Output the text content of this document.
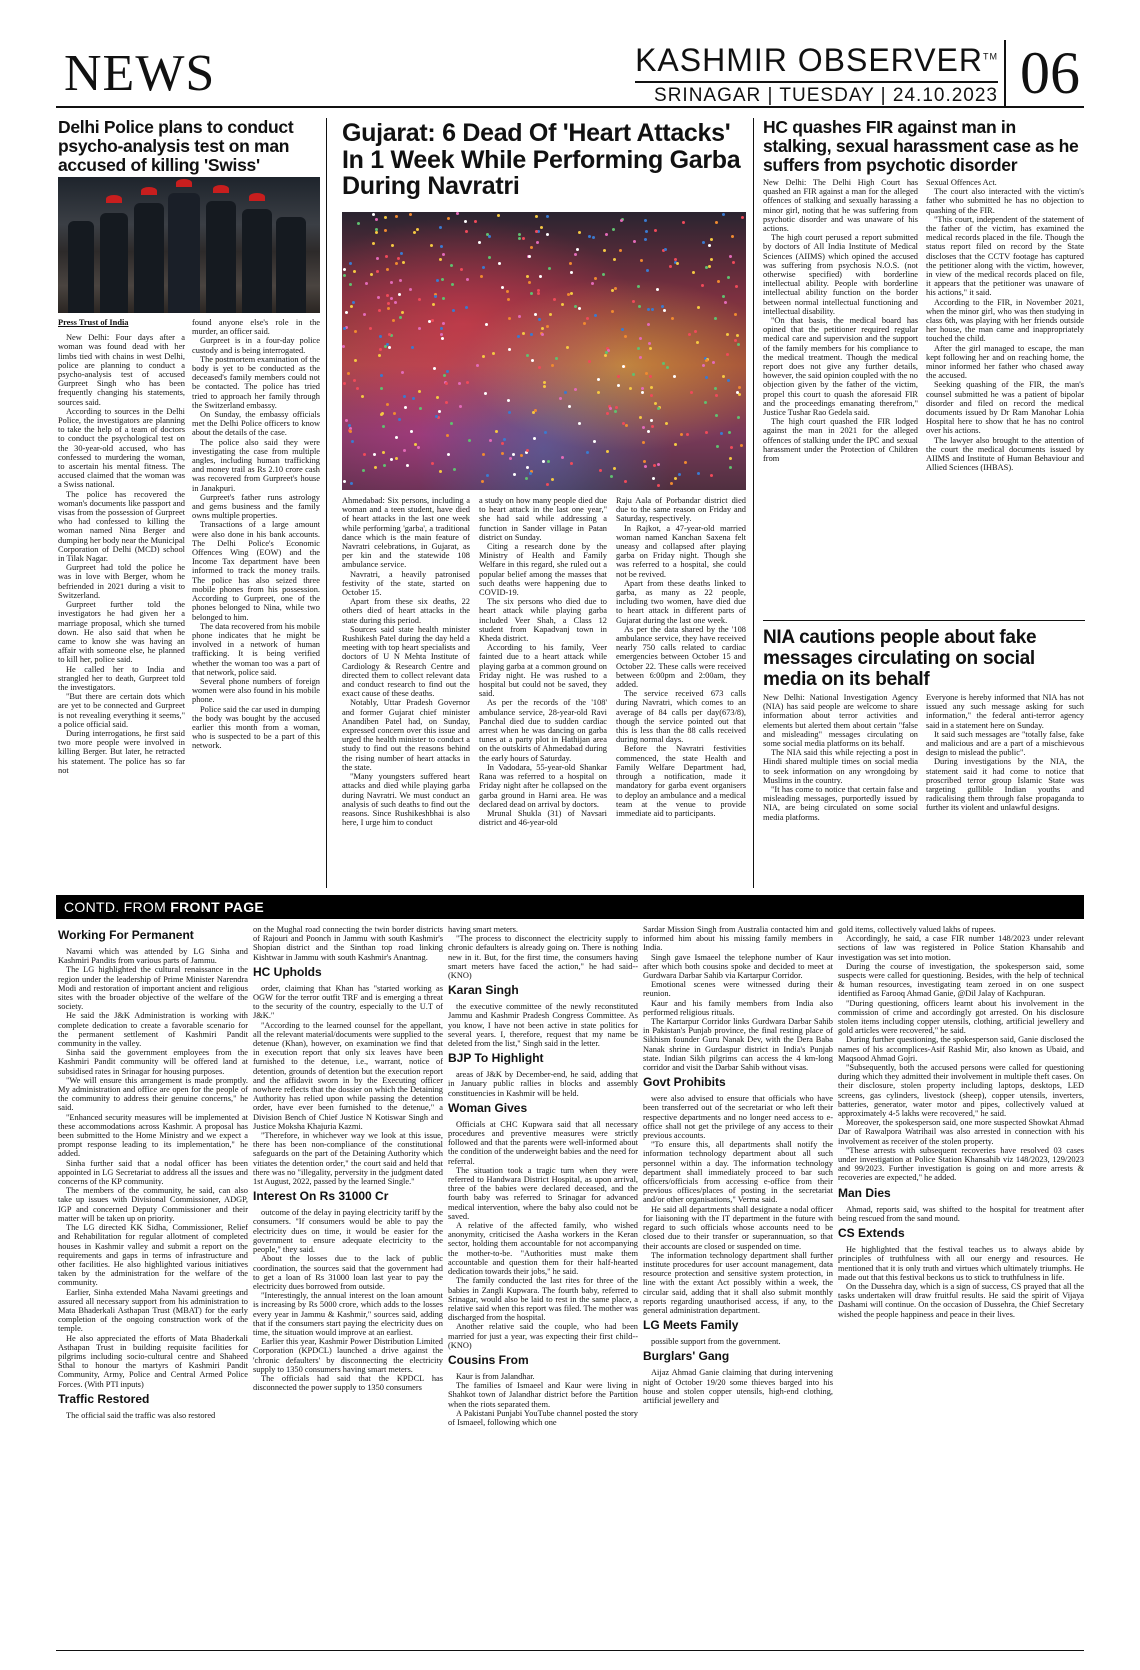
NEWS	KASHMIR OBSERVER™
SRINAGAR | TUESDAY | 24.10.2023 06
Delhi Police plans to conduct psycho-analysis test on man accused of killing 'Swiss'

Press Trust of India

New Delhi: Four days after a woman was found dead with her limbs tied with chains in west Delhi, police are planning to conduct a psycho-analysis test of accused Gurpreet Singh who has been frequently changing his statements, sources said.

According to sources in the Delhi Police, the investigators are planning to take the help of a team of doctors to conduct the psychological test on the 30-year-old accused, who has confessed to murdering the woman, to ascertain his mental fitness. The accused claimed that the woman was a Swiss national.

The police has recovered the woman's documents like passport and visas from the possession of Gurpreet who had confessed to killing the woman named Nina Berger and dumping her body near the Municipal Corporation of Delhi (MCD) school in Tilak Nagar.

Gurpreet had told the police he was in love with Berger, whom he befriended in 2021 during a visit to Switzerland.

Gurpreet further told the investigators he had given her a marriage proposal, which she turned down. He also said that when he came to know she was having an affair with someone else, he planned to kill her, police said.

He called her to India and strangled her to death, Gurpreet told the investigators.

"But there are certain dots which are yet to be connected and Gurpreet is not revealing everything it seems," a police official said.

During interrogations, he first said two more people were involved in killing Berger. But later, he retracted his statement. The police has so far not

found anyone else's role in the murder, an officer said.

Gurpreet is in a four-day police custody and is being interrogated.

The postmortem examination of the body is yet to be conducted as the deceased's family members could not be contacted. The police has tried tried to approach her family through the Switzerland embassy.

On Sunday, the embassy officials met the Delhi Police officers to know about the details of the case.

The police also said they were investigating the case from multiple angles, including human trafficking and money trail as Rs 2.10 crore cash was recovered from Gurpreet's house in Janakpuri.

Gurpreet's father runs astrology and gems business and the family owns multiple properties.

Transactions of a large amount were also done in his bank accounts. The Delhi Police's Economic Offences Wing (EOW) and the Income Tax department have been informed to track the money trails. The police has also seized three mobile phones from his possession. According to Gurpreet, one of the phones belonged to Nina, while two belonged to him.

The data recovered from his mobile phone indicates that he might be involved in a network of human trafficking. It is being verified whether the woman too was a part of that network, police said.

Several phone numbers of foreign women were also found in his mobile phone.

Police said the car used in dumping the body was bought by the accused earlier this month from a woman, who is suspected to be a part of this network.

Gujarat: 6 Dead Of 'Heart Attacks' In 1 Week While Performing Garba During Navratri

Ahmedabad: Six persons, including a woman and a teen student, have died of heart attacks in the last one week while performing 'garba', a traditional dance which is the main feature of Navratri celebrations, in Gujarat, as per kin and the statewide 108 ambulance service.

Navratri, a heavily patronised festivity of the state, started on October 15.

Apart from these six deaths, 22 others died of heart attacks in the state during this period.

Sources said state health minister Rushikesh Patel during the day held a meeting with top heart specialists and doctors of U N Mehta Institute of Cardiology & Research Centre and directed them to collect relevant data and conduct research to find out the exact cause of these deaths.

Notably, Uttar Pradesh Governor and former Gujarat chief minister Anandiben Patel had, on Sunday, expressed concern over this issue and urged the health minister to conduct a study to find out the reasons behind the rising number of heart attacks in the state.

"Many youngsters suffered heart attacks and died while playing garba during Navratri. We must conduct an analysis of such deaths to find out the reasons. Since Rushikeshbhai is also here, I urge him to conduct

a study on how many people died due to heart attack in the last one year," she had said while addressing a function in Sander village in Patan district on Sunday.

Citing a research done by the Ministry of Health and Family Welfare in this regard, she ruled out a popular belief among the masses that such deaths were happening due to COVID-19.

The six persons who died due to heart attack while playing garba included Veer Shah, a Class 12 student from Kapadvanj town in Kheda district.

According to his family, Veer fainted due to a heart attack while playing garba at a common ground on Friday night. He was rushed to a hospital but could not be saved, they said.

As per the records of the '108' ambulance service, 28-year-old Ravi Panchal died due to sudden cardiac arrest when he was dancing on garba tunes at a party plot in Hathijan area on the outskirts of Ahmedabad during the early hours of Saturday.

In Vadodara, 55-year-old Shankar Rana was referred to a hospital on Friday night after he collapsed on the garba ground in Harni area. He was declared dead on arrival by doctors.

Mrunal Shukla (31) of Navsari district and 46-year-old

Raju Aala of Porbandar district died due to the same reason on Friday and Saturday, respectively.

In Rajkot, a 47-year-old married woman named Kanchan Saxena felt uneasy and collapsed after playing garba on Friday night. Though she was referred to a hospital, she could not be revived.

Apart from these deaths linked to garba, as many as 22 people, including two women, have died due to heart attack in different parts of Gujarat during the last one week.

As per the data shared by the '108 ambulance service, they have received nearly 750 calls related to cardiac emergencies between October 15 and October 22. These calls were received between 6:00pm and 2:00am, they added.

The service received 673 calls during Navratri, which comes to an average of 84 calls per day(673/8), though the service pointed out that this is less than the 88 calls received during normal days.

Before the Navratri festivities commenced, the state Health and Family Welfare Department had, through a notification, made it mandatory for garba event organisers to deploy an ambulance and a medical team at the venue to provide immediate aid to participants.

HC quashes FIR against man in stalking, sexual harassment case as he suffers from psychotic disorder

New Delhi: The Delhi High Court has quashed an FIR against a man for the alleged offences of stalking and sexually harassing a minor girl, noting that he was suffering from psychotic disorder and was unaware of his actions.

The high court perused a report submitted by doctors of All India Institute of Medical Sciences (AIIMS) which opined the accused was suffering from psychosis N.O.S. (not otherwise specified) with borderline intellectual ability. People with borderline intellectual ability function on the border between normal intellectual functioning and intellectual disability.

"On that basis, the medical board has opined that the petitioner required regular medical care and supervision and the support of the family members for his compliance to the medical treatment. Though the medical report does not give any further details, however, the said opinion coupled with the no objection given by the father of the victim, propel this court to quash the aforesaid FIR and the proceedings emanating therefrom," Justice Tushar Rao Gedela said.

The high court quashed the FIR lodged against the man in 2021 for the alleged offences of stalking under the IPC and sexual harassment under the Protection of Children from

Sexual Offences Act.

The court also interacted with the victim's father who submitted he has no objection to quashing of the FIR.

"This court, independent of the statement of the father of the victim, has examined the medical records placed in the file. Though the status report filed on record by the State discloses that the CCTV footage has captured the petitioner along with the victim, however, in view of the medical records placed on file, it appears that the petitioner was unaware of his actions," it said.

According to the FIR, in November 2021, when the minor girl, who was then studying in class 6th, was playing with her friends outside her house, the man came and inappropriately touched the child.

After the girl managed to escape, the man kept following her and on reaching home, the minor informed her father who chased away the accused.

Seeking quashing of the FIR, the man's counsel submitted he was a patient of bipolar disorder and filed on record the medical documents issued by Dr Ram Manohar Lohia Hospital here to show that he has no control over his actions.

The lawyer also brought to the attention of the court the medical documents issued by AIIMS and Institute of Human Behaviour and Allied Sciences (IHBAS).

NIA cautions people about fake messages circulating on social media on its behalf

New Delhi: National Investigation Agency (NIA) has said people are welcome to share information about terror activities and elements but alerted them about certain "false and misleading" messages circulating on some social media platforms on its behalf.

The NIA said this while rejecting a post in Hindi shared multiple times on social media to seek information on any wrongdoing by Muslims in the country.

"It has come to notice that certain false and misleading messages, purportedly issued by NIA, are being circulated on some social media platforms.

Everyone is hereby informed that NIA has not issued any such message asking for such information," the federal anti-terror agency said in a statement here on Sunday.

It said such messages are "totally false, fake and malicious and are a part of a mischievous design to mislead the public".

During investigations by the NIA, the statement said it had come to notice that proscribed terror group Islamic State was targeting gullible Indian youths and radicalising them through false propaganda to further its violent and unlawful designs.

CONTD. FROM FRONT PAGE

Working For Permanent

Navami which was attended by LG Sinha and Kashmiri Pandits from various parts of Jammu.

The LG highlighted the cultural renaissance in the region under the leadership of Prime Minister Narendra Modi and restoration of important ancient and religious sites with the broader objective of the welfare of the society.

He said the J&K Administration is working with complete dedication to create a favorable scenario for the permanent settlement of Kashmiri Pandit community in the valley.

Sinha said the government employees from the Kashmiri Pandit community will be offered land at subsidised rates in Srinagar for housing purposes.

"We will ensure this arrangement is made promptly. My administration and office are open for the people of the community to address their genuine concerns," he said.

"Enhanced security measures will be implemented at these accommodations across Kashmir. A proposal has been submitted to the Home Ministry and we expect a prompt response leading to its implementation," he added.

Sinha further said that a nodal officer has been appointed in LG Secretariat to address all the issues and concerns of the KP community.

The members of the community, he said, can also take up issues with Divisional Commissioner, ADGP, IGP and concerned Deputy Commissioner and their matter will be taken up on priority.

The LG directed KK Sidha, Commissioner, Relief and Rehabilitation for regular allotment of completed houses in Kashmir valley and submit a report on the requirements and gaps in terms of infrastructure and other facilities. He also highlighted various initiatives taken by the administration for the welfare of the community.

Earlier, Sinha extended Maha Navami greetings and assured all necessary support from his administration to Mata Bhaderkali Asthapan Trust (MBAT) for the early completion of the ongoing construction work of the temple.

He also appreciated the efforts of Mata Bhaderkali Asthapan Trust in building requisite facilities for pilgrims including socio-cultural centre and Shaheed Sthal to honour the martyrs of Kashmiri Pandit Community, Army, Police and Central Armed Police Forces. (With PTI inputs)

Traffic Restored

The official said the traffic was also restored

on the Mughal road connecting the twin border districts of Rajouri and Poonch in Jammu with south Kashmir's Shopian district and the Sinthan top road linking Kishtwar in Jammu with south Kashmir's Anantnag.

HC Upholds

order, claiming that Khan has "started working as OGW for the terror outfit TRF and is emerging a threat to the security of the country, especially to the U.T of J&K."

"According to the learned counsel for the appellant, all the relevant material/documents were supplied to the detenue (Khan), however, on examination we find that in execution report that only six leaves have been furnished to the detenue, i.e., warrant, notice of detention, grounds of detention but the execution report and the affidavit sworn in by the Executing officer nowhere reflects that the dossier on which the Detaining Authority has relied upon while passing the detention order, have ever been furnished to the detenue," a Division Bench of Chief Justice N Kotiswar Singh and Justice Moksha Khajuria Kazmi.

"Therefore, in whichever way we look at this issue, there has been non-compliance of the constitutional safeguards on the part of the Detaining Authority which vitiates the detention order," the court said and held that there was no "illegality, perversity in the judgment dated 1st August, 2022, passed by the learned Single."

Interest On Rs 31000 Cr

outcome of the delay in paying electricity tariff by the consumers. "If consumers would be able to pay the electricity dues on time, it would be easier for the government to ensure adequate electricity to the people," they said.

About the losses due to the lack of public coordination, the sources said that the government had to get a loan of Rs 31000 loan last year to pay the electricity dues borrowed from outside.

"Interestingly, the annual interest on the loan amount is increasing by Rs 5000 crore, which adds to the losses every year in Jammu & Kashmir," sources said, adding that if the consumers start paying the electricity dues on time, the situation would improve at an earliest.

Earlier this year, Kashmir Power Distribution Limited Corporation (KPDCL) launched a drive against the 'chronic defaulters' by disconnecting the electricity supply to 1350 consumers having smart meters.

The officials had said that the KPDCL has disconnected the power supply to 1350 consumers

having smart meters.

"The process to disconnect the electricity supply to chronic defaulters is already going on. There is nothing new in it. But, for the first time, the consumers having smart meters have faced the action," he had said--(KNO)

Karan Singh

the executive committee of the newly reconstituted Jammu and Kashmir Pradesh Congress Committee. As you know, I have not been active in state politics for several years. I, therefore, request that my name be deleted from the list," Singh said in the letter.

BJP To Highlight

areas of J&K by December-end, he said, adding that in January public rallies in blocks and assembly constituencies in Kashmir will be held.

Woman Gives

Officials at CHC Kupwara said that all necessary procedures and preventive measures were strictly followed and that the parents were well-informed about the condition of the underweight babies and the need for referral.

The situation took a tragic turn when they were referred to Handwara District Hospital, as upon arrival, three of the babies were declared deceased, and the fourth baby was referred to Srinagar for advanced medical intervention, where the baby also could not be saved.

A relative of the affected family, who wished anonymity, criticised the Aasha workers in the Keran sector, holding them accountable for not accompanying the mother-to-be. "Authorities must make them accountable and question them for their half-hearted dedication towards their jobs," he said.

The family conducted the last rites for three of the babies in Zangli Kupwara. The fourth baby, referred to Srinagar, would also be laid to rest in the same place, a relative said when this report was filed. The mother was discharged from the hospital.

Another relative said the couple, who had been married for just a year, was expecting their first child--(KNO)

Cousins From

Kaur is from Jalandhar.

The families of Ismaeel and Kaur were living in Shahkot town of Jalandhar district before the Partition when the riots separated them.

A Pakistani Punjabi YouTube channel posted the story of Ismaeel, following which one

Sardar Mission Singh from Australia contacted him and informed him about his missing family members in India.

Singh gave Ismaeel the telephone number of Kaur after which both cousins spoke and decided to meet at Gurdwara Darbar Sahib via Kartarpur Corridor.

Emotional scenes were witnessed during their reunion.

Kaur and his family members from India also performed religious rituals.

The Kartarpur Corridor links Gurdwara Darbar Sahib in Pakistan's Punjab province, the final resting place of Sikhism founder Guru Nanak Dev, with the Dera Baba Nanak shrine in Gurdaspur district in India's Punjab state. Indian Sikh pilgrims can access the 4 km-long corridor and visit the Darbar Sahib without visas.

Govt Prohibits

were also advised to ensure that officials who have been transferred out of the secretariat or who left their respective departments and no longer need access to e-office shall not get the privilege of any access to their previous accounts.

"To ensure this, all departments shall notify the information technology department about all such personnel within a day. The information technology department shall immediately proceed to bar such officers/officials from accessing e-office from their previous offices/places of posting in the secretariat and/or other organisations," Verma said.

He said all departments shall designate a nodal officer for liaisoning with the IT department in the future with regard to such officials whose accounts need to be closed due to their transfer or superannuation, so that their accounts are closed or suspended on time.

The information technology department shall further institute procedures for user account management, data resource protection and sensitive system protection, in line with the extant Act possibly within a week, the circular said, adding that it shall also submit monthly reports regarding unauthorised access, if any, to the general administration department.

LG Meets Family

possible support from the government.

Burglars' Gang

Aijaz Ahmad Ganie claiming that during intervening night of October 19/20 some thieves barged into his house and stolen copper utensils, high-end clothing, artificial jewellery and

gold items, collectively valued lakhs of rupees.

Accordingly, he said, a case FIR number 148/2023 under relevant sections of law was registered in Police Station Khansahib and investigation was set into motion.

During the course of investigation, the spokesperson said, some suspects were called for questioning. Besides, with the help of technical & human resources, investigating team zeroed in on one suspect identified as Farooq Ahmad Ganie, @Dil Jalay of Kachpuran.

"During questioning, officers learnt about his involvement in the commission of crime and accordingly got arrested. On his disclosure stolen items including copper utensils, clothing, artificial jewellery and gold articles were recovered," he said.

During further questioning, the spokesperson said, Ganie disclosed the names of his accomplices-Asif Rashid Mir, also known as Ubaid, and Maqsood Ahmad Gojri.

"Subsequently, both the accused persons were called for questioning during which they admitted their involvement in multiple theft cases. On their disclosure, stolen property including laptops, desktops, LED screens, gas cylinders, livestock (sheep), copper utensils, inverters, batteries, generator, water motor and pipes, collectively valued at approximately 4-5 lakhs were recovered," he said.

Moreover, the spokesperson said, one more suspected Showkat Ahmad Dar of Rawalpora Watrihail was also arrested in connection with his involvement as receiver of the stolen property.

"These arrests with subsequent recoveries have resolved 03 cases under investigation at Police Station Khansahib viz 148/2023, 129/2023 and 99/2023. Further investigation is going on and more arrests & recoveries are expected," he added.

Man Dies

Ahmad, reports said, was shifted to the hospital for treatment after being rescued from the sand mound.

CS Extends

He highlighted that the festival teaches us to always abide by principles of truthfulness with all our energy and resources. He mentioned that it is only truth and virtues which ultimately triumphs. He made out that this festival beckons us to stick to truthfulness in life.

On the Dussehra day, which is a sign of success, CS prayed that all the tasks undertaken will draw fruitful results. He said the spirit of Vijaya Dashami will continue. On the occasion of Dussehra, the Chief Secretary wished the people happiness and peace in their lives.
